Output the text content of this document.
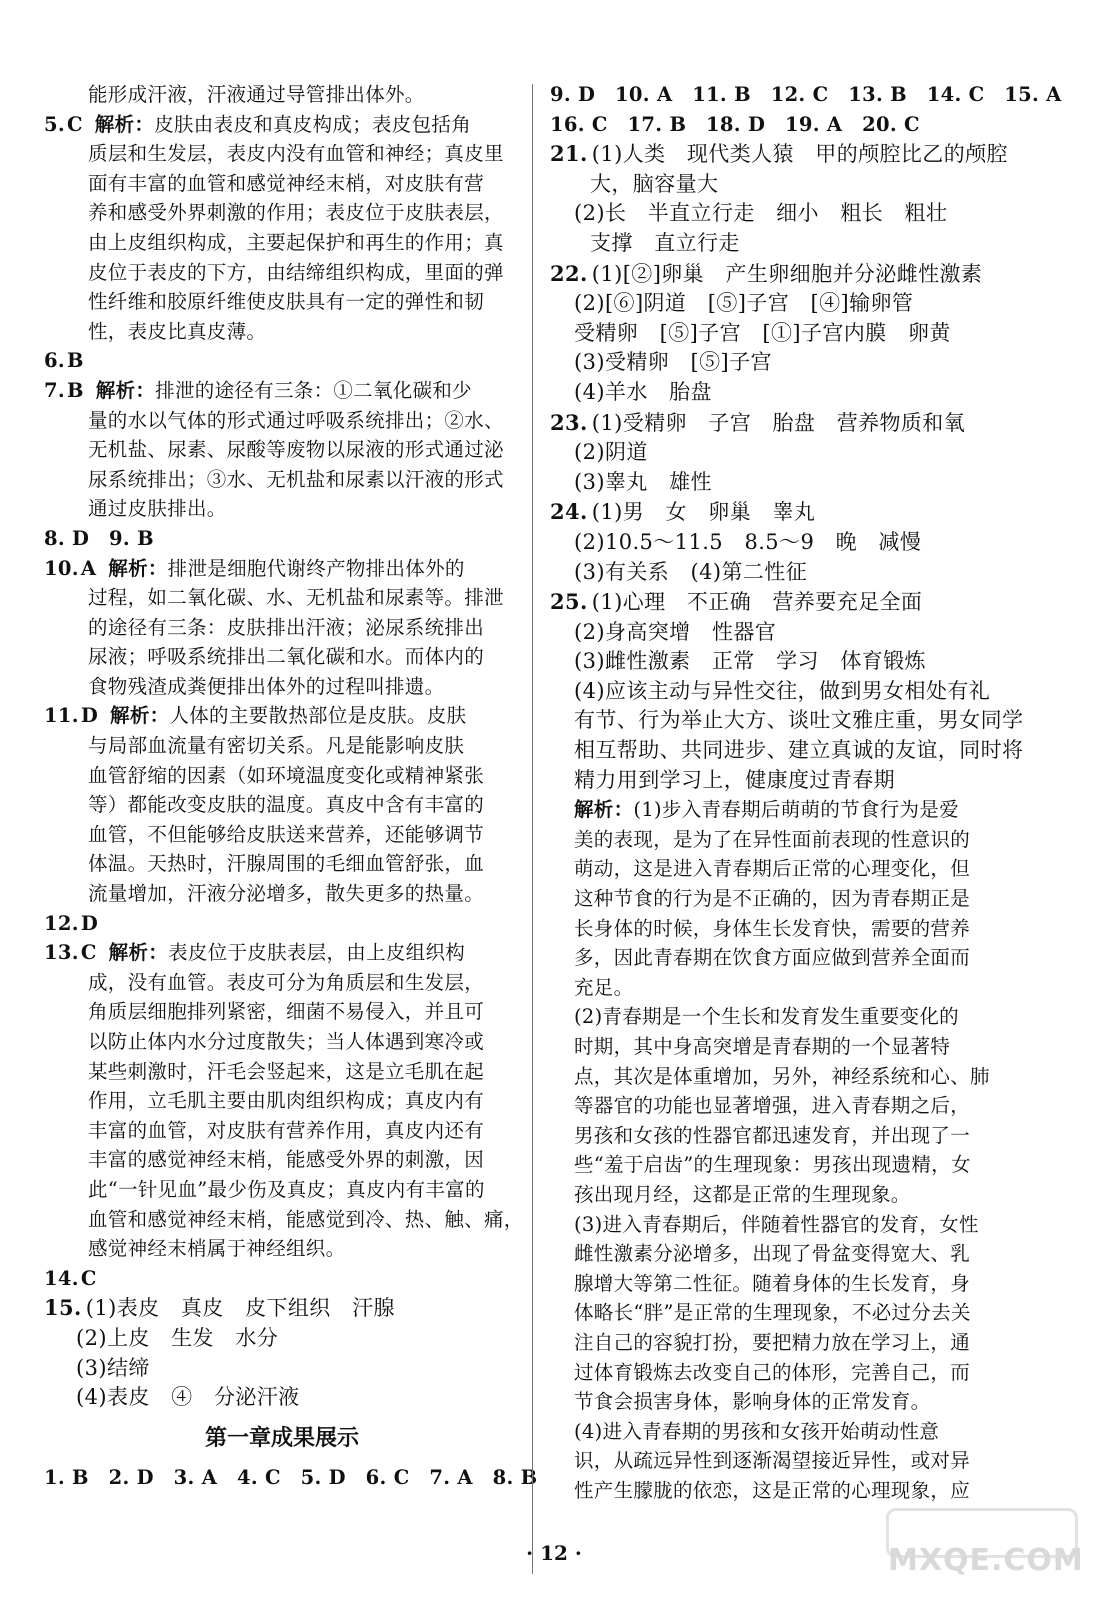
能形成汗液，汗液通过导管排出体外。
5. C 解析：皮肤由表皮和真皮构成；表皮包括角
质层和生发层，表皮内没有血管和神经；真皮里
面有丰富的血管和感觉神经末梢，对皮肤有营
养和感受外界刺激的作用；表皮位于皮肤表层，
由上皮组织构成，主要起保护和再生的作用；真
皮位于表皮的下方，由结缔组织构成，里面的弹
性纤维和胶原纤维使皮肤具有一定的弹性和韧
性，表皮比真皮薄。
6. B
7. B 解析：排泄的途径有三条：①二氧化碳和少
量的水以气体的形式通过呼吸系统排出；②水、
无机盐、尿素、尿酸等废物以尿液的形式通过泌
尿系统排出；③水、无机盐和尿素以汗液的形式
通过皮肤排出。
8. D　9. B
10. A 解析：排泄是细胞代谢终产物排出体外的
过程，如二氧化碳、水、无机盐和尿素等。排泄
的途径有三条：皮肤排出汗液；泌尿系统排出
尿液；呼吸系统排出二氧化碳和水。而体内的
食物残渣成粪便排出体外的过程叫排遗。
11. D 解析：人体的主要散热部位是皮肤。皮肤
与局部血流量有密切关系。凡是能影响皮肤
血管舒缩的因素（如环境温度变化或精神紧张
等）都能改变皮肤的温度。真皮中含有丰富的
血管，不但能够给皮肤送来营养，还能够调节
体温。天热时，汗腺周围的毛细血管舒张，血
流量增加，汗液分泌增多，散失更多的热量。
12. D
13. C 解析：表皮位于皮肤表层，由上皮组织构
成，没有血管。表皮可分为角质层和生发层，
角质层细胞排列紧密，细菌不易侵入，并且可
以防止体内水分过度散失；当人体遇到寒冷或
某些刺激时，汗毛会竖起来，这是立毛肌在起
作用，立毛肌主要由肌肉组织构成；真皮内有
丰富的血管，对皮肤有营养作用，真皮内还有
丰富的感觉神经末梢，能感受外界的刺激，因
此“一针见血”最少伤及真皮；真皮内有丰富的
血管和感觉神经末梢，能感觉到冷、热、触、痛，
感觉神经末梢属于神经组织。
14. C
15. (1)表皮　真皮　皮下组织　汗腺
(2)上皮　生发　水分
(3)结缔
(4)表皮　④　分泌汗液
第一章成果展示
1. B　2. D　3. A　4. C　5. D　6. C　7. A　8. B
9. D　10. A　11. B　12. C　13. B　14. C　15. A
16. C　17. B　18. D　19. A　20. C
21. (1)人类　现代类人猿　甲的颅腔比乙的颅腔
大，脑容量大
(2)长　半直立行走　细小　粗长　粗壮
支撑　直立行走
22. (1)[②]卵巢　产生卵细胞并分泌雌性激素
(2)[⑥]阴道　[⑤]子宫　[④]输卵管
受精卵　[⑤]子宫　[①]子宫内膜　卵黄
(3)受精卵　[⑤]子宫
(4)羊水　胎盘
23. (1)受精卵　子宫　胎盘　营养物质和氧
(2)阴道
(3)睾丸　雄性
24. (1)男　女　卵巢　睾丸
(2)10.5～11.5　8.5～9　晚　减慢
(3)有关系　(4)第二性征
25. (1)心理　不正确　营养要充足全面
(2)身高突增　性器官
(3)雌性激素　正常　学习　体育锻炼
(4)应该主动与异性交往，做到男女相处有礼
有节、行为举止大方、谈吐文雅庄重，男女同学
相互帮助、共同进步、建立真诚的友谊，同时将
精力用到学习上，健康度过青春期
解析：(1)步入青春期后萌萌的节食行为是爱
美的表现，是为了在异性面前表现的性意识的
萌动，这是进入青春期后正常的心理变化，但
这种节食的行为是不正确的，因为青春期正是
长身体的时候，身体生长发育快，需要的营养
多，因此青春期在饮食方面应做到营养全面而
充足。
(2)青春期是一个生长和发育发生重要变化的
时期，其中身高突增是青春期的一个显著特
点，其次是体重增加，另外，神经系统和心、肺
等器官的功能也显著增强，进入青春期之后，
男孩和女孩的性器官都迅速发育，并出现了一
些“羞于启齿”的生理现象：男孩出现遗精，女
孩出现月经，这都是正常的生理现象。
(3)进入青春期后，伴随着性器官的发育，女性
雌性激素分泌增多，出现了骨盆变得宽大、乳
腺增大等第二性征。随着身体的生长发育，身
体略长“胖”是正常的生理现象，不必过分去关
注自己的容貌打扮，要把精力放在学习上，通
过体育锻炼去改变自己的体形，完善自己，而
节食会损害身体，影响身体的正常发育。
(4)进入青春期的男孩和女孩开始萌动性意
识，从疏远异性到逐渐渴望接近异性，或对异
性产生朦胧的依恋，这是正常的心理现象，应
· 12 ·	MXQE.COM
